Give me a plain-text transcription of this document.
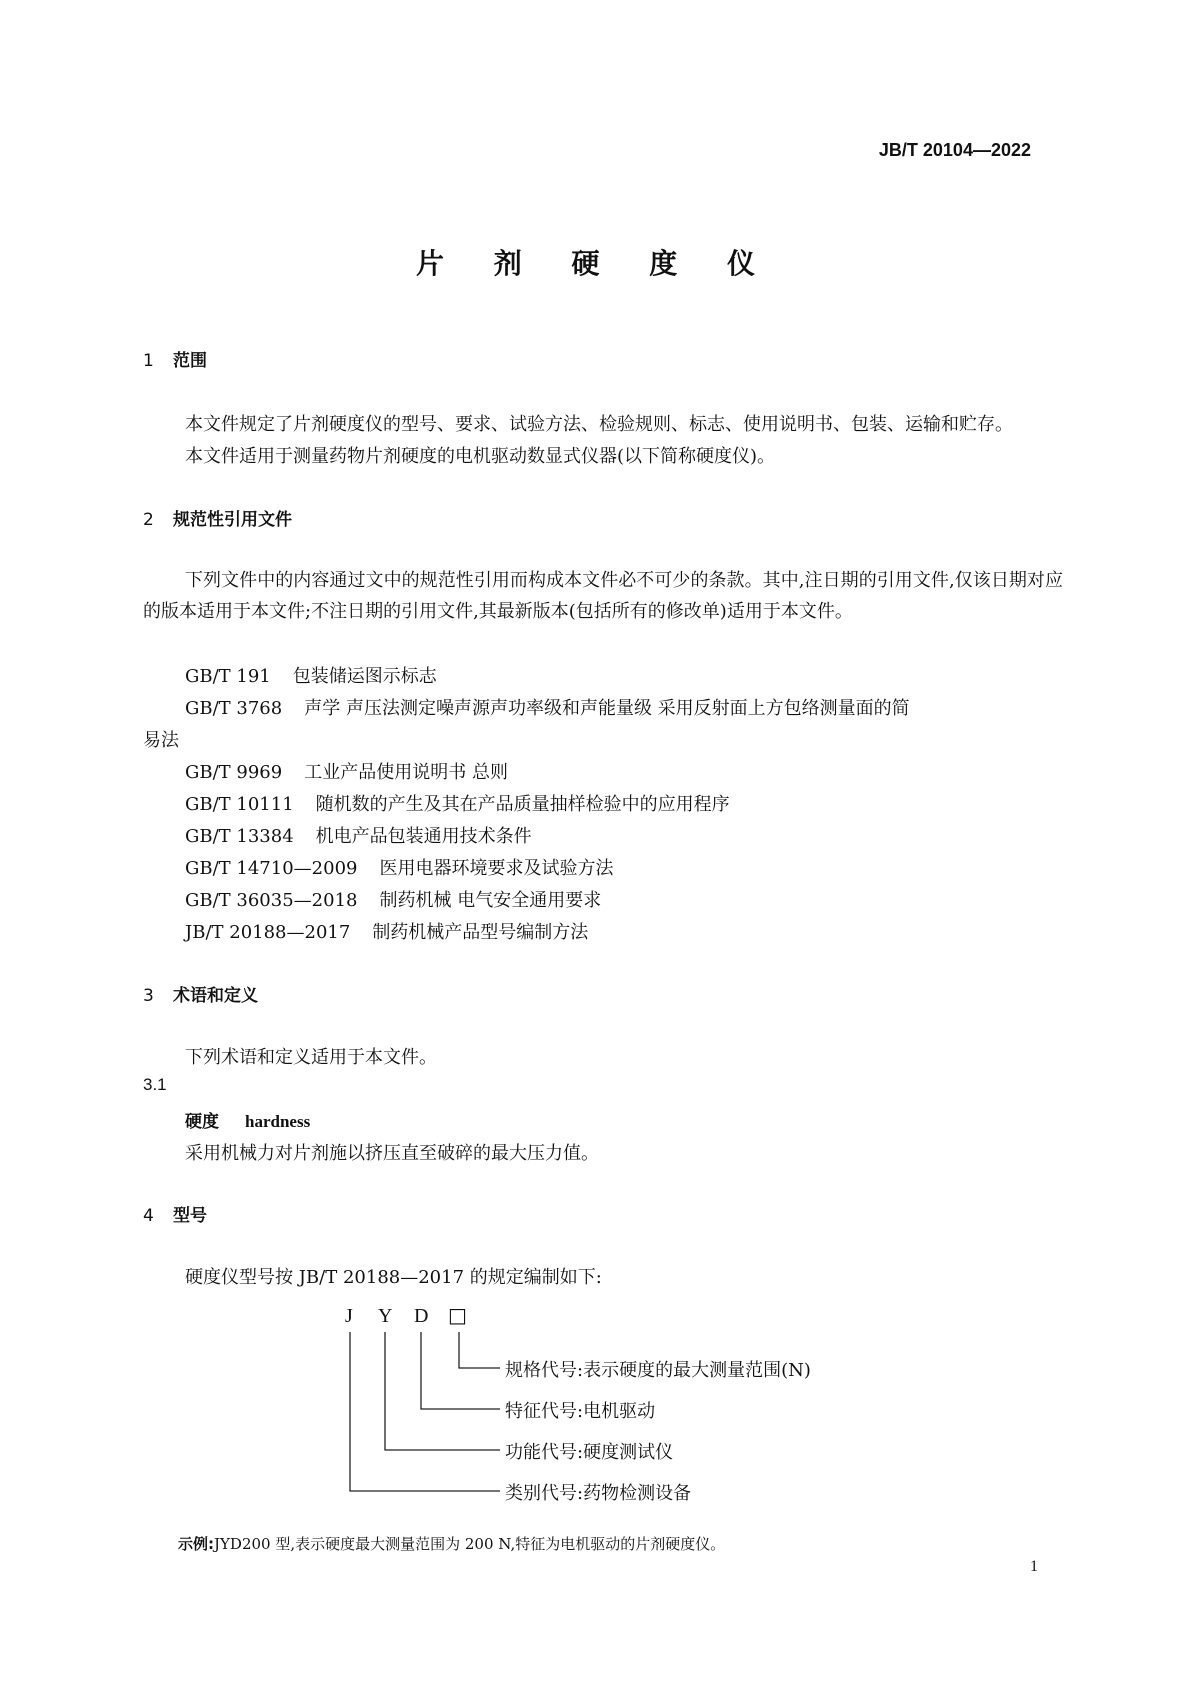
JB/T 20104—2022
片 剂 硬 度 仪
1 范围
本文件规定了片剂硬度仪的型号、要求、试验方法、检验规则、标志、使用说明书、包装、运输和贮存。
本文件适用于测量药物片剂硬度的电机驱动数显式仪器(以下简称硬度仪)。
2 规范性引用文件
下列文件中的内容通过文中的规范性引用而构成本文件必不可少的条款。其中,注日期的引用文件,仅该日期对应的版本适用于本文件;不注日期的引用文件,其最新版本(包括所有的修改单)适用于本文件。
GB/T 191 包装储运图示标志
GB/T 3768 声学 声压法测定噪声源声功率级和声能量级 采用反射面上方包络测量面的简
易法
GB/T 9969 工业产品使用说明书 总则
GB/T 10111 随机数的产生及其在产品质量抽样检验中的应用程序
GB/T 13384 机电产品包装通用技术条件
GB/T 14710—2009 医用电器环境要求及试验方法
GB/T 36035—2018 制药机械 电气安全通用要求
JB/T 20188—2017 制药机械产品型号编制方法
3 术语和定义
下列术语和定义适用于本文件。
3.1
硬度 hardness
采用机械力对片剂施以挤压直至破碎的最大压力值。
4 型号
硬度仪型号按 JB/T 20188—2017 的规定编制如下:
J Y D □
规格代号:表示硬度的最大测量范围(N)
特征代号:电机驱动
功能代号:硬度测试仪
类别代号:药物检测设备
示例:JYD200 型,表示硬度最大测量范围为 200 N,特征为电机驱动的片剂硬度仪。
1
